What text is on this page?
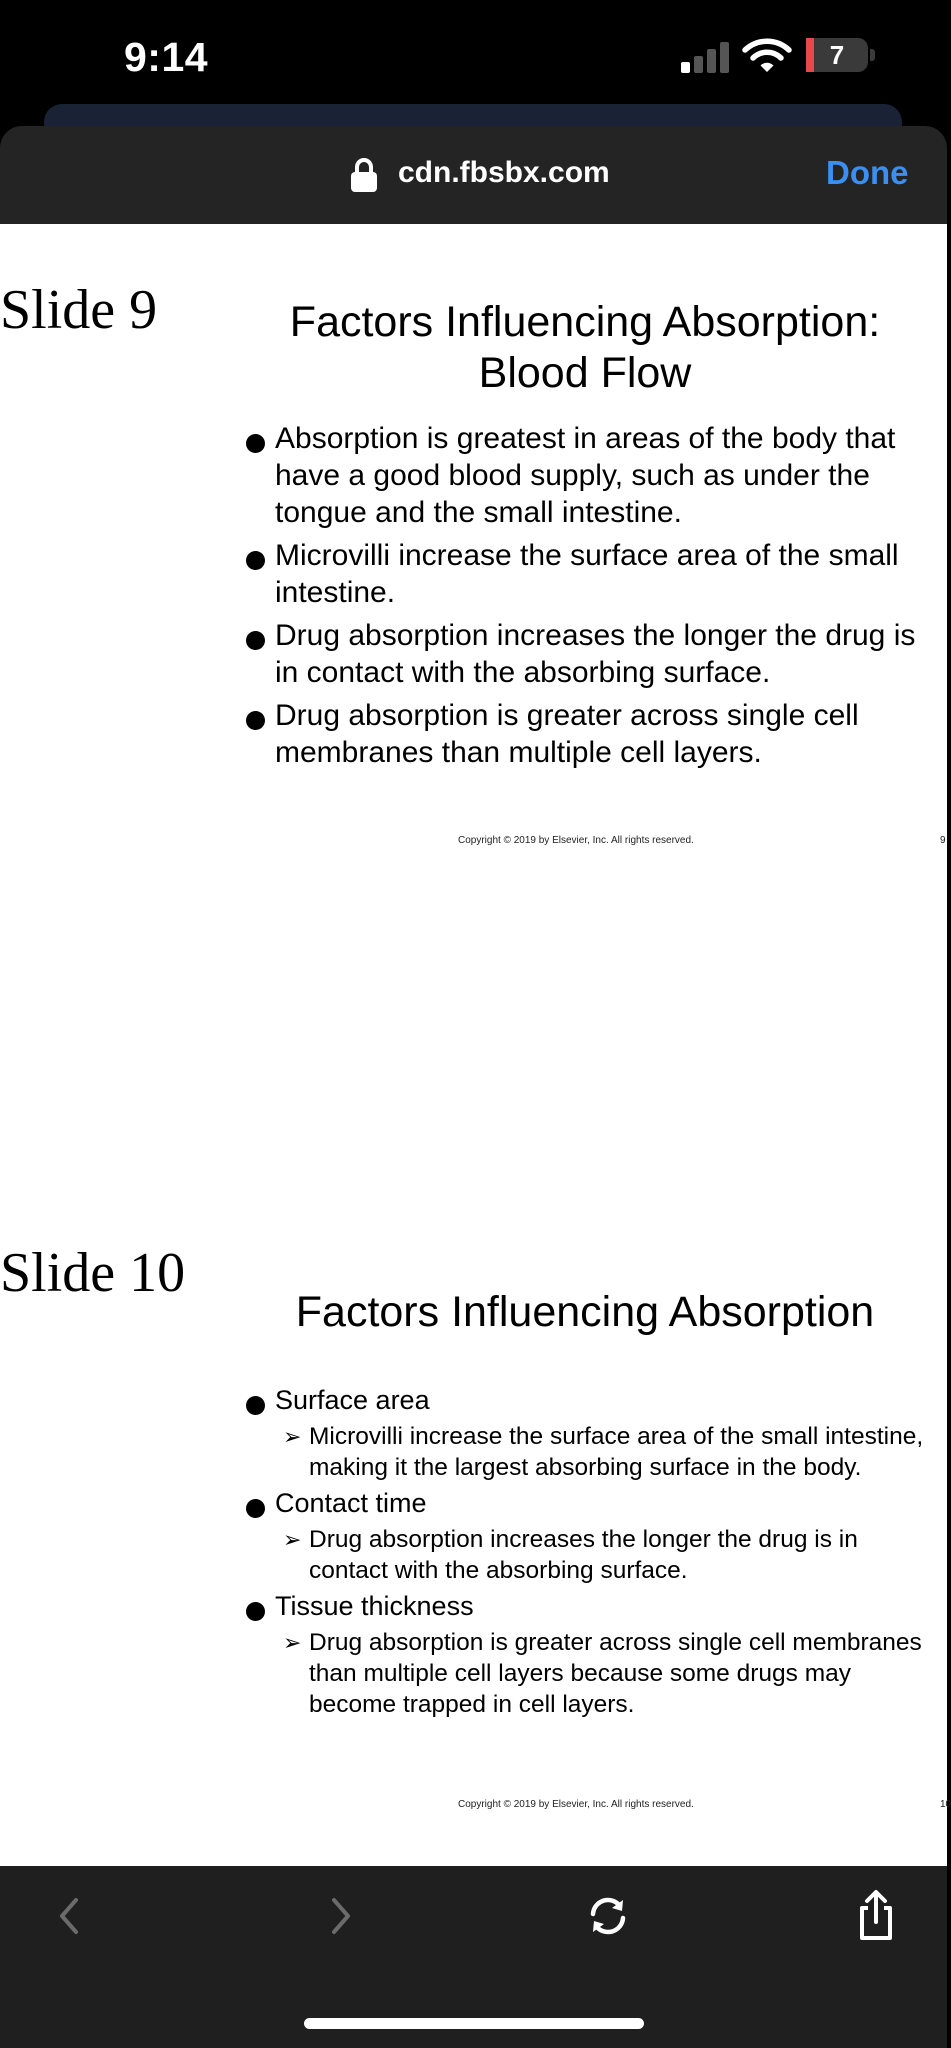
9:14	7
cdn.fbsbx.com	Done
Slide 9	Factors Influencing Absorption:
Blood Flow
Absorption is greatest in areas of the body that have a good blood supply, such as under the tongue and the small intestine.
Microvilli increase the surface area of the small intestine.
Drug absorption increases the longer the drug is in contact with the absorbing surface.
Drug absorption is greater across single cell membranes than multiple cell layers.
Copyright © 2019 by Elsevier, Inc. All rights reserved.	9
Slide 10
Factors Influencing Absorption
Surface area
➢ Microvilli increase the surface area of the small intestine, making it the largest absorbing surface in the body.
Contact time
➢ Drug absorption increases the longer the drug is in contact with the absorbing surface.
Tissue thickness
➢ Drug absorption is greater across single cell membranes than multiple cell layers because some drugs may become trapped in cell layers.
Copyright © 2019 by Elsevier, Inc. All rights reserved.	10
